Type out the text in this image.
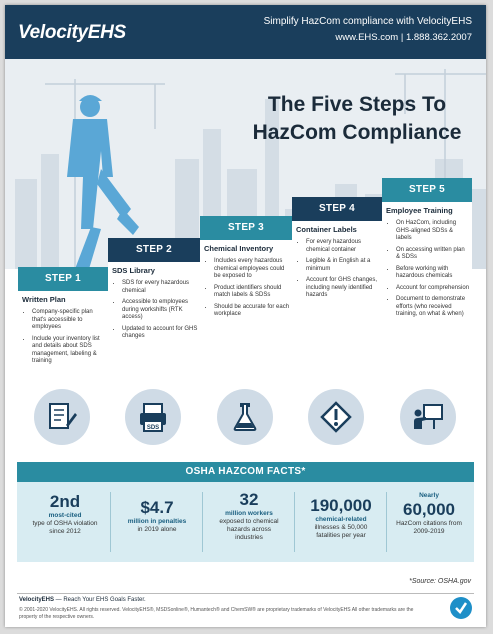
VelocityEHS
Simplify HazCom compliance with VelocityEHS
www.EHS.com | 1.888.362.2007
The Five Steps To
HazCom Compliance
STEP 1
STEP 2
STEP 3
STEP 4
STEP 5
Written Plan
• Company-specific plan that's accessible to employees
• Include your inventory list and details about SDS management, labeling & training
SDS Library
• SDS for every hazardous chemical
• Accessible to employees during workshifts (RTK access)
• Updated to account for GHS changes
Chemical Inventory
• Includes every hazardous chemical employees could be exposed to
• Product identifiers should match labels & SDSs
• Should be accurate for each workplace
Container Labels
• For every hazardous chemical container
• Legible & in English at a minimum
• Account for GHS changes, including newly identified hazards
Employee Training
• On HazCom, including GHS-aligned SDSs & labels
• On accessing written plan & SDSs
• Before working with hazardous chemicals
• Account for comprehension
• Document to demonstrate efforts (who received training, on what & when)
SDS
OSHA HAZCOM FACTS*
2nd
most-cited
type of OSHA violation since 2012
$4.7
million in penalties
in 2019 alone
32
million workers
exposed to chemical hazards across industries
190,000
chemical-related
illnesses & 50,000 fatalities per year
Nearly
60,000
HazCom citations from 2009-2019
*Source: OSHA.gov
VelocityEHS — Reach Your EHS Goals Faster.
© 2001-2020 VelocityEHS. All rights reserved. VelocityEHS®, MSDSonline®, Humantech® and ChemSW® are proprietary trademarks of VelocityEHS All other trademarks are the property of the respective owners.
